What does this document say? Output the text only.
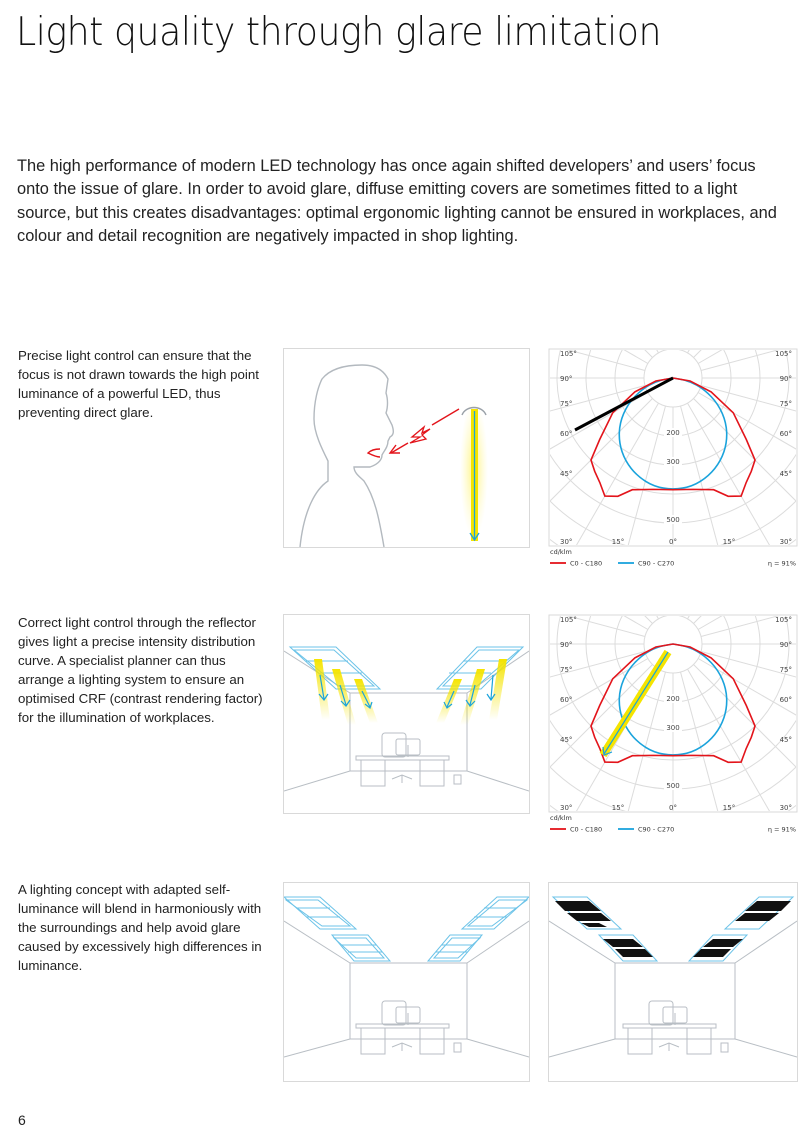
Light quality through glare limitation
The high performance of modern LED technology has once again shifted developers’ and users’ focus onto the issue of glare. In order to avoid glare, diffuse emitting covers are sometimes fitted to a light source, but this creates disadvantages: optimal ergonomic lighting cannot be ensured in workplaces, and colour and detail recognition are negatively impacted in shop lighting.
Precise light control can ensure that the focus is not drawn towards the high point luminance of a powerful LED, thus preventing direct glare.
105°
90°
75°
60°
45°
30°
105°
90°
75°
60°
45°
30°
15°	0°	15°
200
300
500
cd/klm
C0 - C180	C90 - C270	η = 91%
Correct light control through the reflector gives light a precise intensity distribution curve. A specialist planner can thus arrange a lighting system to ensure an optimised CRF (contrast rendering factor) for the illumination of workplaces.
105°
90°
75°
60°
45°
30°
105°
90°
75°
60°
45°
30°
15°	0°	15°
200
300
500
cd/klm
C0 - C180	C90 - C270	η = 91%
A lighting concept with adapted self-luminance will blend in harmoniously with the surroundings and help avoid glare caused by excessively high differences in luminance.
6
